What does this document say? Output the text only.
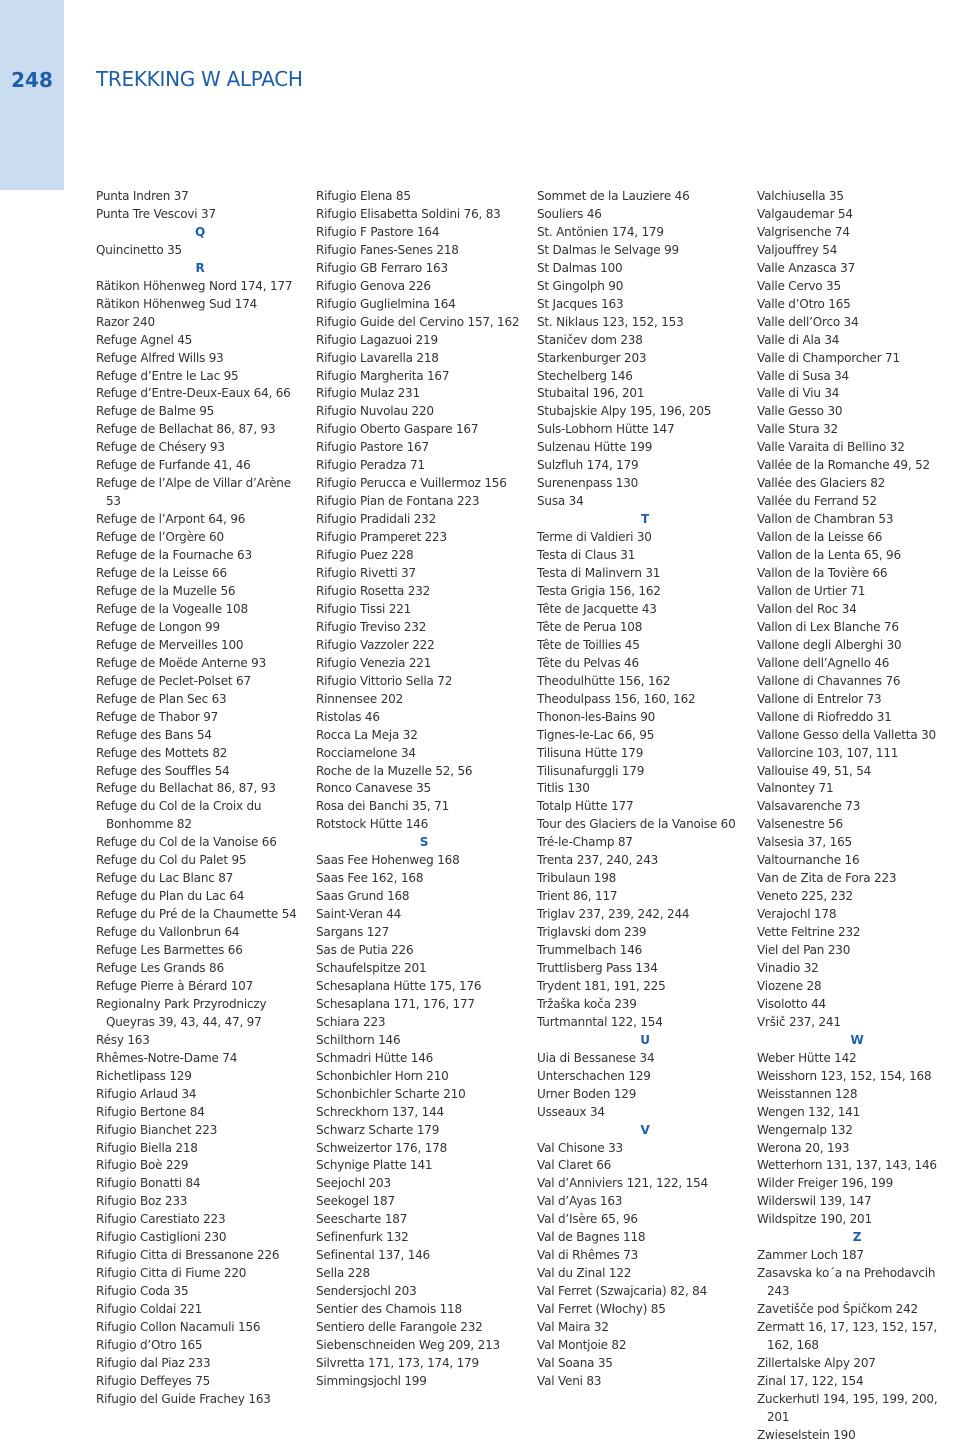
248	TREKKING W ALPACH
Punta Indren 37
Punta Tre Vescovi 37
Q
Quincinetto 35
R
Rätikon Höhenweg Nord 174, 177
Rätikon Höhenweg Sud 174
Razor 240
Refuge Agnel 45
Refuge Alfred Wills 93
Refuge d’Entre le Lac 95
Refuge d’Entre-Deux-Eaux 64, 66
Refuge de Balme 95
Refuge de Bellachat 86, 87, 93
Refuge de Chésery 93
Refuge de Furfande 41, 46
Refuge de l’Alpe de Villar d’Arène 53
Refuge de l’Arpont 64, 96
Refuge de l’Orgère 60
Refuge de la Fournache 63
Refuge de la Leisse 66
Refuge de la Muzelle 56
Refuge de la Vogealle 108
Refuge de Longon 99
Refuge de Merveilles 100
Refuge de Moëde Anterne 93
Refuge de Peclet-Polset 67
Refuge de Plan Sec 63
Refuge de Thabor 97
Refuge des Bans 54
Refuge des Mottets 82
Refuge des Souffles 54
Refuge du Bellachat 86, 87, 93
Refuge du Col de la Croix du Bonhomme 82
Refuge du Col de la Vanoise 66
Refuge du Col du Palet 95
Refuge du Lac Blanc 87
Refuge du Plan du Lac 64
Refuge du Pré de la Chaumette 54
Refuge du Vallonbrun 64
Refuge Les Barmettes 66
Refuge Les Grands 86
Refuge Pierre à Bérard 107
Regionalny Park Przyrodniczy Queyras 39, 43, 44, 47, 97
Résy 163
Rhêmes-Notre-Dame 74
Richetlipass 129
Rifugio Arlaud 34
Rifugio Bertone 84
Rifugio Bianchet 223
Rifugio Biella 218
Rifugio Boè 229
Rifugio Bonatti 84
Rifugio Boz 233
Rifugio Carestiato 223
Rifugio Castiglioni 230
Rifugio Citta di Bressanone 226
Rifugio Citta di Fiume 220
Rifugio Coda 35
Rifugio Coldai 221
Rifugio Collon Nacamuli 156
Rifugio d’Otro 165
Rifugio dal Piaz 233
Rifugio Deffeyes 75
Rifugio del Guide Frachey 163
Rifugio Elena 85
Rifugio Elisabetta Soldini 76, 83
Rifugio F Pastore 164
Rifugio Fanes-Senes 218
Rifugio GB Ferraro 163
Rifugio Genova 226
Rifugio Guglielmina 164
Rifugio Guide del Cervino 157, 162
Rifugio Lagazuoi 219
Rifugio Lavarella 218
Rifugio Margherita 167
Rifugio Mulaz 231
Rifugio Nuvolau 220
Rifugio Oberto Gaspare 167
Rifugio Pastore 167
Rifugio Peradza 71
Rifugio Perucca e Vuillermoz 156
Rifugio Pian de Fontana 223
Rifugio Pradidali 232
Rifugio Pramperet 223
Rifugio Puez 228
Rifugio Rivetti 37
Rifugio Rosetta 232
Rifugio Tissi 221
Rifugio Treviso 232
Rifugio Vazzoler 222
Rifugio Venezia 221
Rifugio Vittorio Sella 72
Rinnensee 202
Ristolas 46
Rocca La Meja 32
Rocciamelone 34
Roche de la Muzelle 52, 56
Ronco Canavese 35
Rosa dei Banchi 35, 71
Rotstock Hütte 146
S
Saas Fee Hohenweg 168
Saas Fee 162, 168
Saas Grund 168
Saint-Veran 44
Sargans 127
Sas de Putia 226
Schaufelspitze 201
Schesaplana Hütte 175, 176
Schesaplana 171, 176, 177
Schiara 223
Schilthorn 146
Schmadri Hütte 146
Schonbichler Horn 210
Schonbichler Scharte 210
Schreckhorn 137, 144
Schwarz Scharte 179
Schweizertor 176, 178
Schynige Platte 141
Seejochl 203
Seekogel 187
Seescharte 187
Sefinenfurk 132
Sefinental 137, 146
Sella 228
Sendersjochl 203
Sentier des Chamois 118
Sentiero delle Farangole 232
Siebenschneiden Weg 209, 213
Silvretta 171, 173, 174, 179
Simmingsjochl 199
Sommet de la Lauziere 46
Souliers 46
St. Antönien 174, 179
St Dalmas le Selvage 99
St Dalmas 100
St Gingolph 90
St Jacques 163
St. Niklaus 123, 152, 153
Staničev dom 238
Starkenburger 203
Stechelberg 146
Stubaital 196, 201
Stubajskie Alpy 195, 196, 205
Suls-Lobhorn Hütte 147
Sulzenau Hütte 199
Sulzfluh 174, 179
Surenenpass 130
Susa 34
T
Terme di Valdieri 30
Testa di Claus 31
Testa di Malinvern 31
Testa Grigia 156, 162
Tête de Jacquette 43
Tête de Perua 108
Tête de Toillies 45
Tête du Pelvas 46
Theodulhütte 156, 162
Theodulpass 156, 160, 162
Thonon-les-Bains 90
Tignes-le-Lac 66, 95
Tilisuna Hütte 179
Tilisunafurggli 179
Titlis 130
Totalp Hütte 177
Tour des Glaciers de la Vanoise 60
Tré-le-Champ 87
Trenta 237, 240, 243
Tribulaun 198
Trient 86, 117
Triglav 237, 239, 242, 244
Triglavski dom 239
Trummelbach 146
Truttlisberg Pass 134
Trydent 181, 191, 225
Tržaška koča 239
Turtmanntal 122, 154
U
Uia di Bessanese 34
Unterschachen 129
Urner Boden 129
Usseaux 34
V
Val Chisone 33
Val Claret 66
Val d’Anniviers 121, 122, 154
Val d’Ayas 163
Val d’Isère 65, 96
Val de Bagnes 118
Val di Rhêmes 73
Val du Zinal 122
Val Ferret (Szwajcaria) 82, 84
Val Ferret (Włochy) 85
Val Maira 32
Val Montjoie 82
Val Soana 35
Val Veni 83
Valchiusella 35
Valgaudemar 54
Valgrisenche 74
Valjouffrey 54
Valle Anzasca 37
Valle Cervo 35
Valle d’Otro 165
Valle dell’Orco 34
Valle di Ala 34
Valle di Champorcher 71
Valle di Susa 34
Valle di Viu 34
Valle Gesso 30
Valle Stura 32
Valle Varaita di Bellino 32
Vallée de la Romanche 49, 52
Vallée des Glaciers 82
Vallée du Ferrand 52
Vallon de Chambran 53
Vallon de la Leisse 66
Vallon de la Lenta 65, 96
Vallon de la Tovière 66
Vallon de Urtier 71
Vallon del Roc 34
Vallon di Lex Blanche 76
Vallone degli Alberghi 30
Vallone dell’Agnello 46
Vallone di Chavannes 76
Vallone di Entrelor 73
Vallone di Riofreddo 31
Vallone Gesso della Valletta 30
Vallorcine 103, 107, 111
Vallouise 49, 51, 54
Valnontey 71
Valsavarenche 73
Valsenestre 56
Valsesia 37, 165
Valtournanche 16
Van de Zita de Fora 223
Veneto 225, 232
Verajochl 178
Vette Feltrine 232
Viel del Pan 230
Vinadio 32
Viozene 28
Visolotto 44
Vršič 237, 241
W
Weber Hütte 142
Weisshorn 123, 152, 154, 168
Weisstannen 128
Wengen 132, 141
Wengernalp 132
Werona 20, 193
Wetterhorn 131, 137, 143, 146
Wilder Freiger 196, 199
Wilderswil 139, 147
Wildspitze 190, 201
Z
Zammer Loch 187
Zasavska ko´a na Prehodavcih 243
Zavetišče pod Špičkom 242
Zermatt 16, 17, 123, 152, 157, 162, 168
Zillertalske Alpy 207
Zinal 17, 122, 154
Zuckerhutl 194, 195, 199, 200, 201
Zwieselstein 190
